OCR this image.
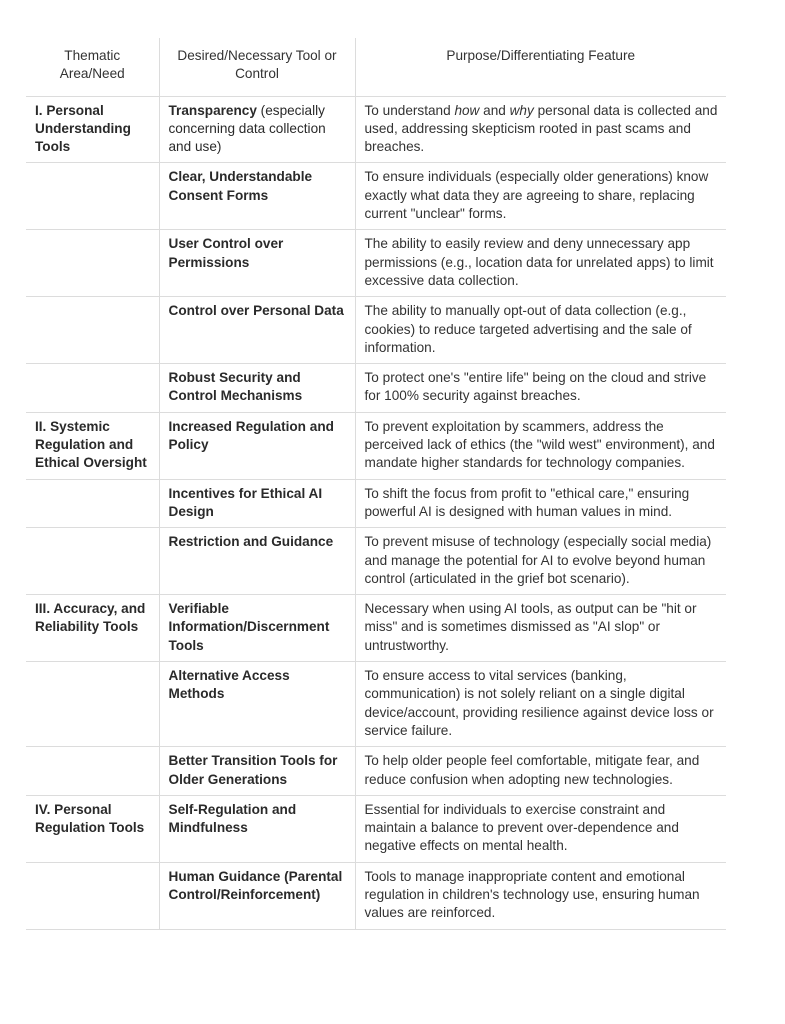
Thematic Area/Need	Desired/Necessary Tool or Control	Purpose/Differentiating Feature
I. Personal Understanding Tools	Transparency (especially concerning data collection and use)	To understand how and why personal data is collected and used, addressing skepticism rooted in past scams and breaches.
	Clear, Understandable Consent Forms	To ensure individuals (especially older generations) know exactly what data they are agreeing to share, replacing current "unclear" forms.
	User Control over Permissions	The ability to easily review and deny unnecessary app permissions (e.g., location data for unrelated apps) to limit excessive data collection.
	Control over Personal Data	The ability to manually opt-out of data collection (e.g., cookies) to reduce targeted advertising and the sale of information.
	Robust Security and Control Mechanisms	To protect one's "entire life" being on the cloud and strive for 100% security against breaches.
II. Systemic Regulation and Ethical Oversight	Increased Regulation and Policy	To prevent exploitation by scammers, address the perceived lack of ethics (the "wild west" environment), and mandate higher standards for technology companies.
	Incentives for Ethical AI Design	To shift the focus from profit to "ethical care," ensuring powerful AI is designed with human values in mind.
	Restriction and Guidance	To prevent misuse of technology (especially social media) and manage the potential for AI to evolve beyond human control (articulated in the grief bot scenario).
III. Accuracy, and Reliability Tools	Verifiable Information/Discernment Tools	Necessary when using AI tools, as output can be "hit or miss" and is sometimes dismissed as "AI slop" or untrustworthy.
	Alternative Access Methods	To ensure access to vital services (banking, communication) is not solely reliant on a single digital device/account, providing resilience against device loss or service failure.
	Better Transition Tools for Older Generations	To help older people feel comfortable, mitigate fear, and reduce confusion when adopting new technologies.
IV. Personal Regulation Tools	Self-Regulation and Mindfulness	Essential for individuals to exercise constraint and maintain a balance to prevent over-dependence and negative effects on mental health.
	Human Guidance (Parental Control/Reinforcement)	Tools to manage inappropriate content and emotional regulation in children's technology use, ensuring human values are reinforced.
